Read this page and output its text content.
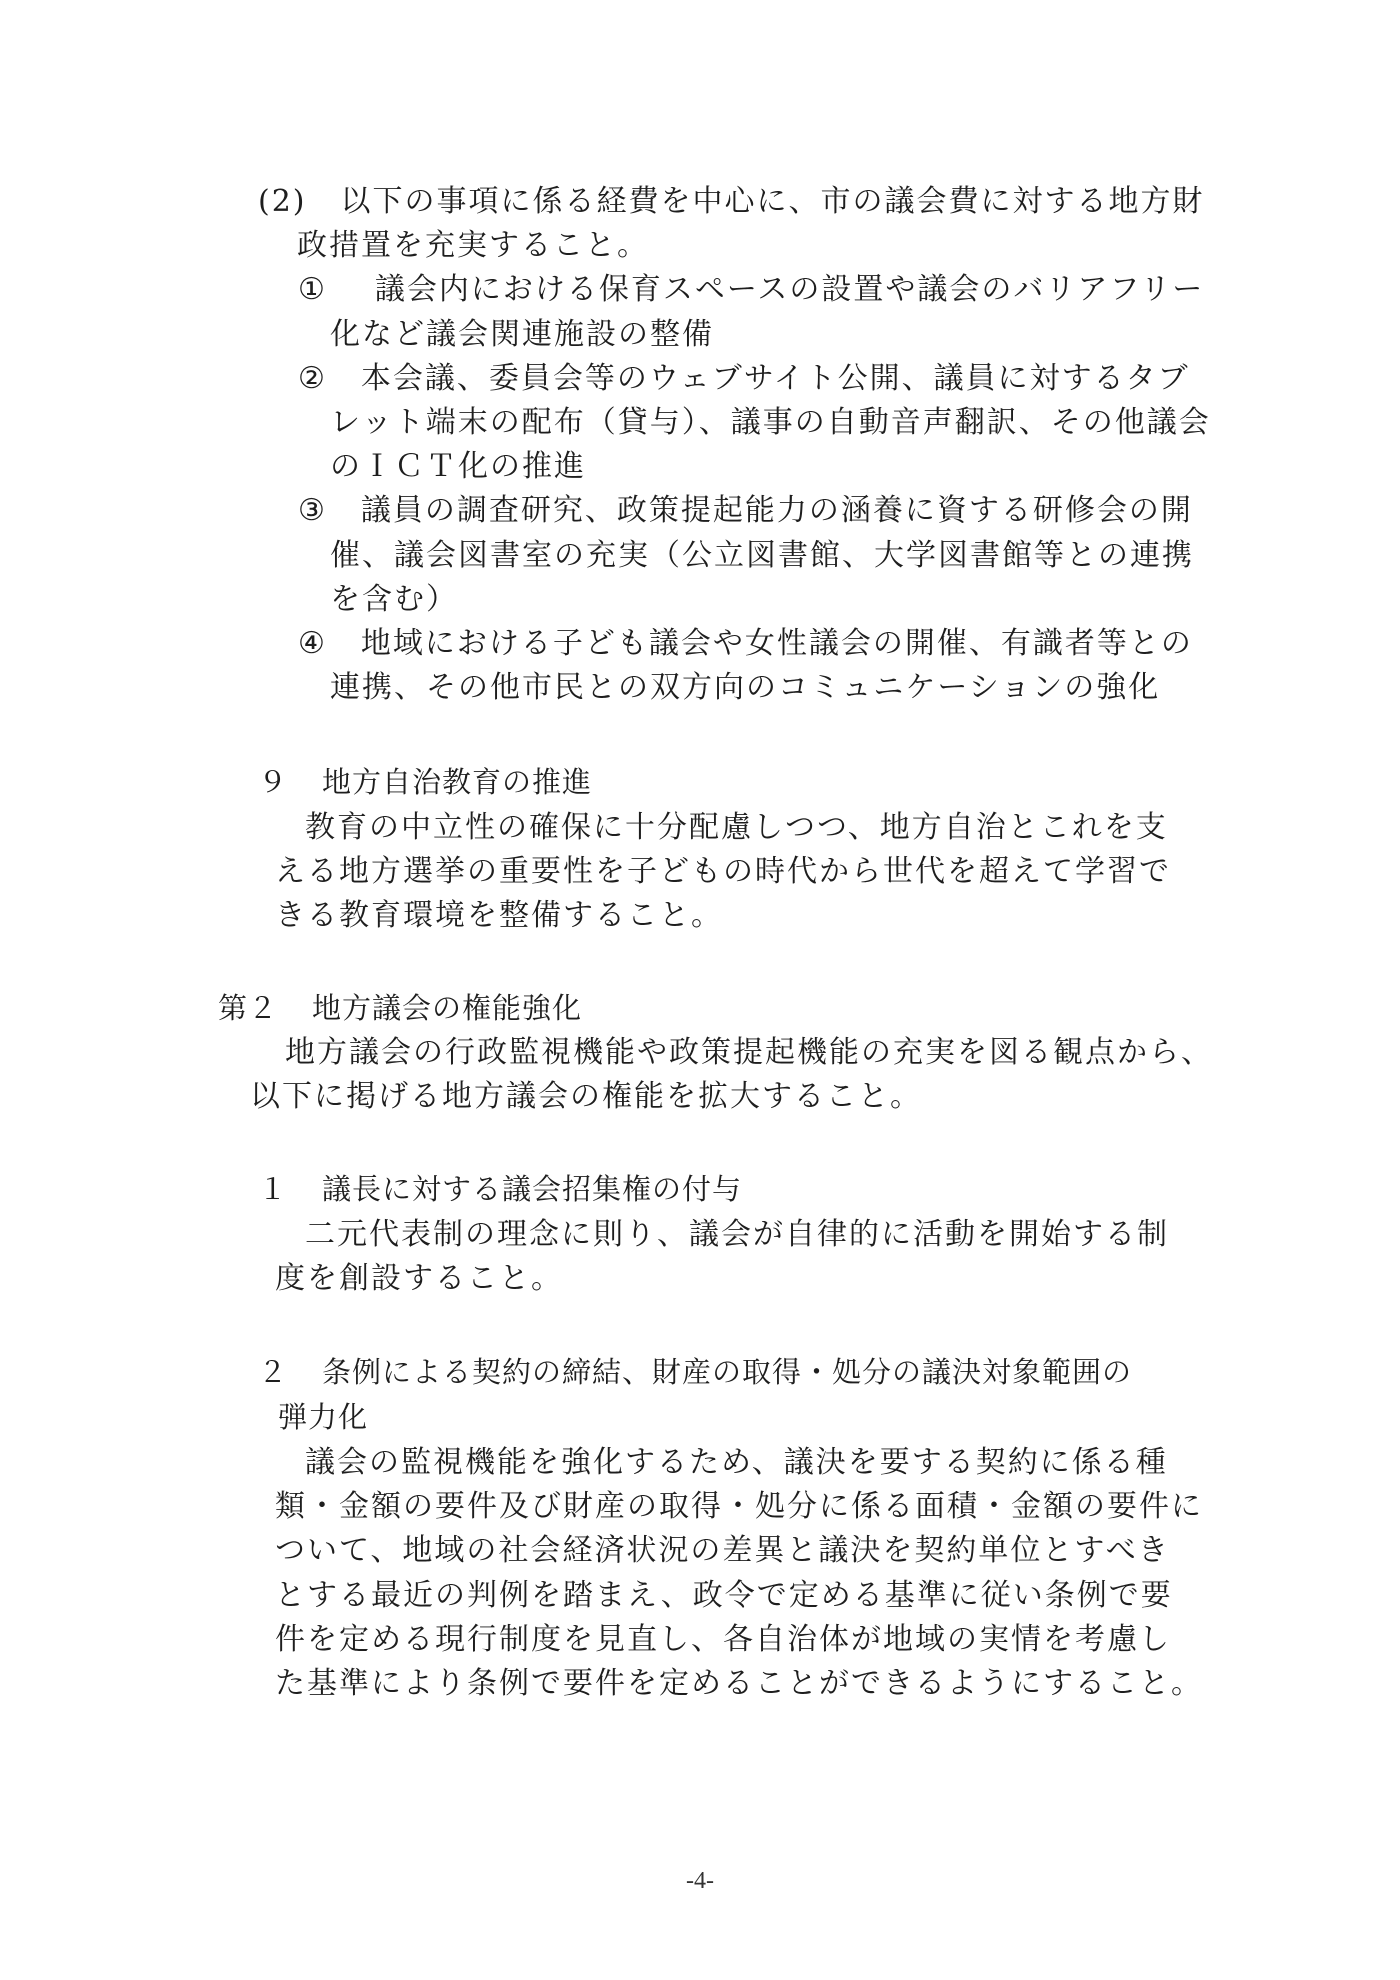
(2) 以下の事項に係る経費を中心に、市の議会費に対する地方財
政措置を充実すること。
① 議会内における保育スペースの設置や議会のバリアフリー
化など議会関連施設の整備
② 本会議、委員会等のウェブサイト公開、議員に対するタブ
レット端末の配布（貸与）、議事の自動音声翻訳、その他議会
のＩＣＴ化の推進
③ 議員の調査研究、政策提起能力の涵養に資する研修会の開
催、議会図書室の充実（公立図書館、大学図書館等との連携
を含む）
④ 地域における子ども議会や女性議会の開催、有識者等との
連携、その他市民との双方向のコミュニケーションの強化
９ 地方自治教育の推進
教育の中立性の確保に十分配慮しつつ、地方自治とこれを支
える地方選挙の重要性を子どもの時代から世代を超えて学習で
きる教育環境を整備すること。
第２ 地方議会の権能強化
地方議会の行政監視機能や政策提起機能の充実を図る観点から、
以下に掲げる地方議会の権能を拡大すること。
１ 議長に対する議会招集権の付与
二元代表制の理念に則り、議会が自律的に活動を開始する制
度を創設すること。
２ 条例による契約の締結、財産の取得・処分の議決対象範囲の
弾力化
議会の監視機能を強化するため、議決を要する契約に係る種
類・金額の要件及び財産の取得・処分に係る面積・金額の要件に
ついて、地域の社会経済状況の差異と議決を契約単位とすべき
とする最近の判例を踏まえ、政令で定める基準に従い条例で要
件を定める現行制度を見直し、各自治体が地域の実情を考慮し
た基準により条例で要件を定めることができるようにすること。
-4-
